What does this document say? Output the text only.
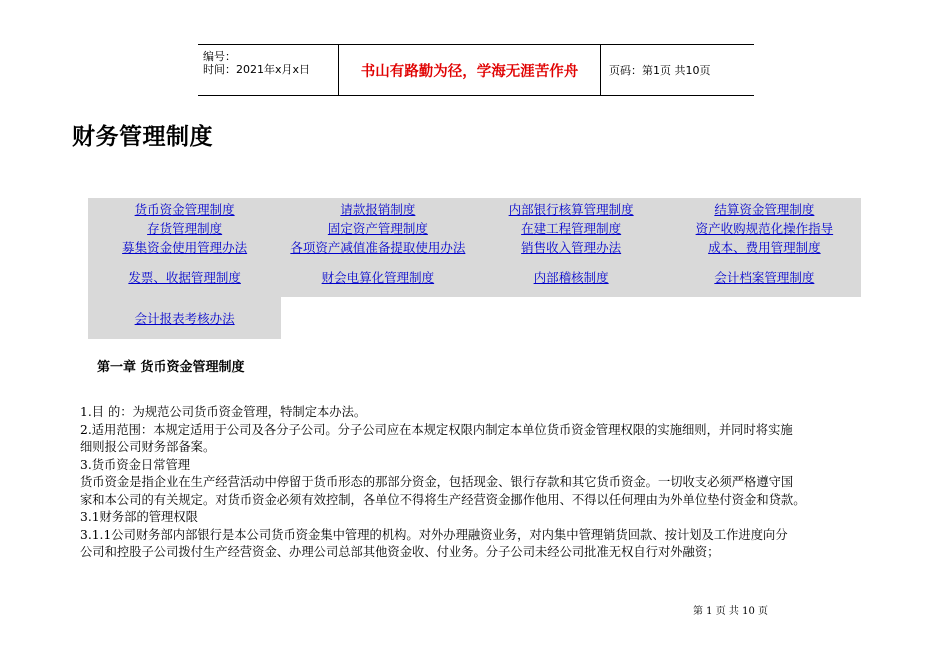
编号：
时间：2021年x月x日	书山有路勤为径，学海无涯苦作舟	页码：第1页 共10页
财务管理制度
货币资金管理制度	请款报销制度	内部银行核算管理制度	结算资金管理制度
存货管理制度	固定资产管理制度	在建工程管理制度	资产收购规范化操作指导
募集资金使用管理办法	各项资产减值准备提取使用办法	销售收入管理办法	成本、费用管理制度
发票、收据管理制度	财会电算化管理制度	内部稽核制度	会计档案管理制度
会计报表考核办法
第一章 货币资金管理制度

1.目 的：为规范公司货币资金管理，特制定本办法。

2.适用范围：本规定适用于公司及各分子公司。分子公司应在本规定权限内制定本单位货币资金管理权限的实施细则，并同时将实施

细则报公司财务部备案。

3.货币资金日常管理

货币资金是指企业在生产经营活动中停留于货币形态的那部分资金，包括现金、银行存款和其它货币资金。一切收支必须严格遵守国

家和本公司的有关规定。对货币资金必须有效控制，各单位不得将生产经营资金挪作他用、不得以任何理由为外单位垫付资金和贷款。

3.1财务部的管理权限

3.1.1公司财务部内部银行是本公司货币资金集中管理的机构。对外办理融资业务，对内集中管理销货回款、按计划及工作进度向分

公司和控股子公司拨付生产经营资金、办理公司总部其他资金收、付业务。分子公司未经公司批准无权自行对外融资；

第 1 页 共 10 页
